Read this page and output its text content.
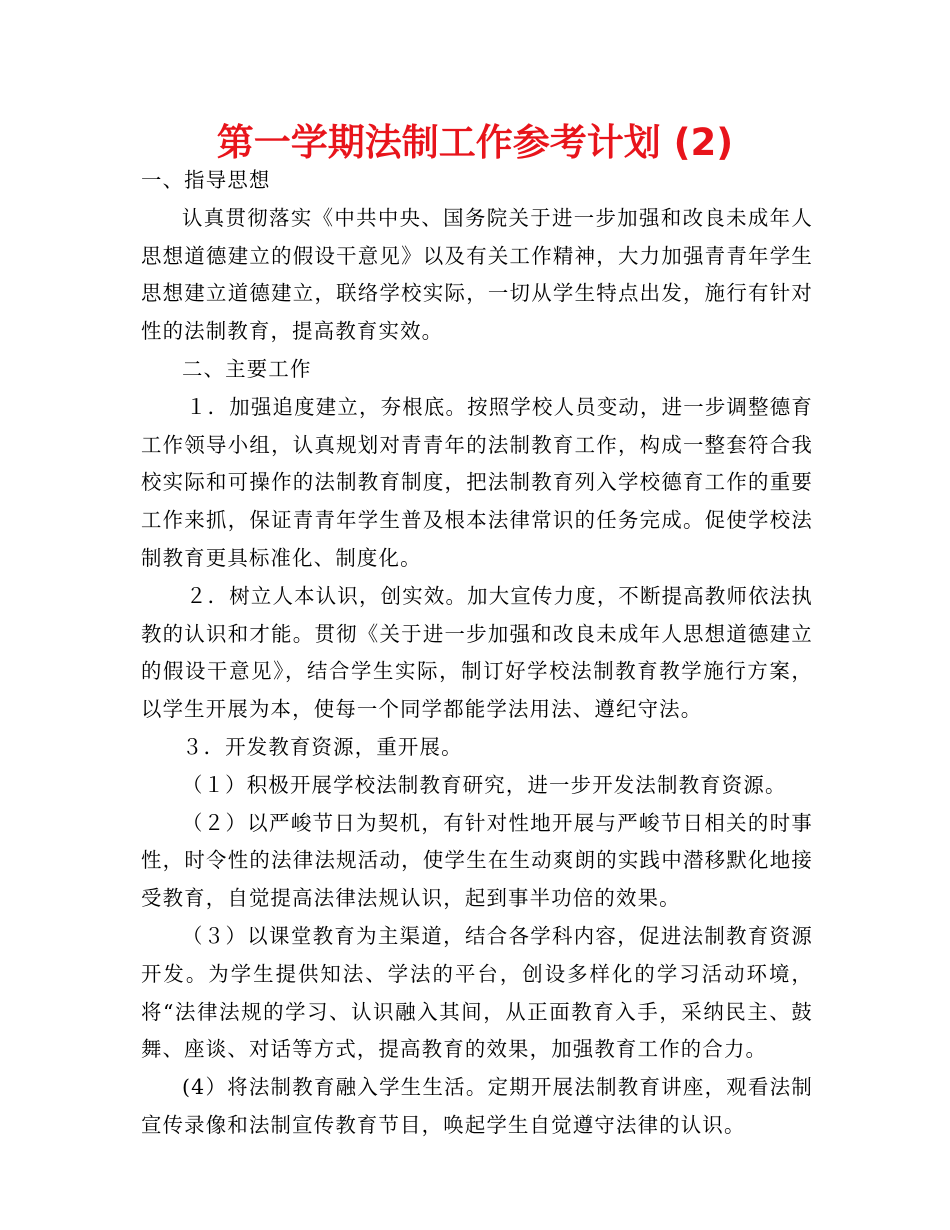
第一学期法制工作参考计划 (2)

一、指导思想

认真贯彻落实《中共中央、国务院关于进一步加强和改良未成年人思想道德建立的假设干意见》以及有关工作精神，大力加强青青年学生思想建立道德建立，联络学校实际，一切从学生特点出发，施行有针对性的法制教育，提高教育实效。

二、主要工作

１．加强追度建立，夯根底。按照学校人员变动，进一步调整德育工作领导小组，认真规划对青青年的法制教育工作，构成一整套符合我校实际和可操作的法制教育制度，把法制教育列入学校德育工作的重要工作来抓，保证青青年学生普及根本法律常识的任务完成。促使学校法制教育更具标准化、制度化。

２．树立人本认识，创实效。加大宣传力度，不断提高教师依法执教的认识和才能。贯彻《关于进一步加强和改良未成年人思想道德建立的假设干意见》，结合学生实际，制订好学校法制教育教学施行方案，以学生开展为本，使每一个同学都能学法用法、遵纪守法。

３．开发教育资源，重开展。

（１）积极开展学校法制教育研究，进一步开发法制教育资源。

（２）以严峻节日为契机，有针对性地开展与严峻节日相关的时事性，时令性的法律法规活动，使学生在生动爽朗的实践中潜移默化地接受教育，自觉提高法律法规认识，起到事半功倍的效果。

（３）以课堂教育为主渠道，结合各学科内容，促进法制教育资源开发。为学生提供知法、学法的平台，创设多样化的学习活动环境，将“法律法规的学习、认识融入其间，从正面教育入手，采纳民主、鼓舞、座谈、对话等方式，提高教育的效果，加强教育工作的合力。

(4）将法制教育融入学生生活。定期开展法制教育讲座，观看法制宣传录像和法制宣传教育节目，唤起学生自觉遵守法律的认识。
